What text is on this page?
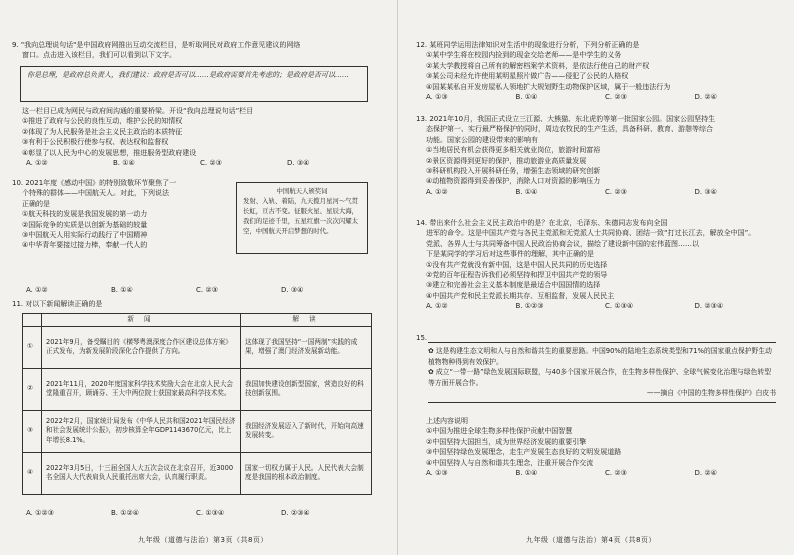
9. "我向总理说句话"是中国政府网推出互动交流栏目，是听取网民对政府工作意见建议的网络

窗口。点击进入该栏目，我们可以看到以下文字。

你是总理，是政府总负责人，我们建议：政府是否可以……是政府需要首先考虑的；是政府是否可以……

这一栏目已成为网民与政府间沟通的重要桥梁。开设“我向总理说句话”栏目

①推进了政府与公民的良性互动，维护公民的知情权

②体现了为人民服务是社会主义民主政治的本质特征

③有利于公民积极行使参与权、表达权和监督权

④彰显了以人民为中心的发展思想，推进服务型政府建设

A. ①②	B. ①④	C. ②③	D. ③④

10. 2021年度《感动中国》的特别致敬环节聚焦了一

个特殊的群体——中国航天人。对此，下列说法

正确的是

①航天科技的发展是我国发展的第一动力

②国际竞争的实质是以创新为基础的较量

③中国航天人用实际行动践行了中国精神

④中华青年要接过接力棒，奉献一代人的

中国航天人颁奖词
发射、入轨、着陆，九天揽月星河～气贯长虹，亘古不变。征服火星、星辰大海，我们的足迹千里，五星红旗一次次闪耀太空，中国航天开启梦想的时代。
A. ①②	B. ①④	C. ②③	D. ③④

11. 对以下新闻解读正确的是

	新 闻	解 读
①	2021年9月，备受瞩目的《横琴粤澳深度合作区建设总体方案》正式发布，为新发展阶段深化合作提供了方向。	这体现了我国坚持“一国两制”实践的成果，增强了澳门经济发展新动能。
②	2021年11月，2020年度国家科学技术奖励大会在北京人民大会堂隆重召开，顾诵芬、王大中两位院士获国家最高科学技术奖。	我国加快建设创新型国家，营造良好的科技创新氛围。
③	2022年2月，国家统计局发布《中华人民共和国2021年国民经济和社会发展统计公报》，初步核算全年GDP1143670亿元，比上年增长8.1%。	我国经济发展迈入了新时代，开始向高速发展转变。
④	2022年3月5日，十三届全国人大五次会议在北京召开，近3000名全国人大代表肩负人民重托出席大会，认真履行职责。	国家一切权力属于人民。人民代表大会制度是我国的根本政治制度。
A. ①②③	B. ①②④	C. ①③④	D. ②③④
九年级（道德与法治）第3页（共8页）

12. 某班同学运用法律知识对生活中的现象进行分析，下列分析正确的是

①某中学生将在校园内捡到的现金交给老师——是中学生的义务

②某大学教授将自己所有的解密档案学术资料，是依法行使自己的财产权

③某公司未经允许使用某明星照片做广告——侵犯了公民的人格权

④国某某私自开发房屋私人领地扩大规划野生动物保护区域，属于一般违法行为

A. ①③	B. ①④	C. ②③	D. ②④

13. 2021年10月，我国正式设立三江源、大熊猫、东北虎豹等第一批国家公园。国家公园坚持生

态保护第一、实行最严格保护的同时，周边农牧民的生产生活，具备科研、教育、游憩等综合

功能。国家公园的建设带来的影响有

①当地居民有机会获得更多相关就业岗位，旅游时间富裕

②景区资源得到更好的保护，推动旅游业高质量发展

③科研机构投入开展科研任务，增强生态领域的研究创新

④动植物资源得到妥善保护，消除人口对资源的影响压力

A. ①②	B. ①④	C. ②③	D. ③④

14. 带出来什么社会主义民主政治中的是？在北京，毛泽东、朱德同志发布向全国

进军的命令。这是中国共产党与各民主党派和无党派人士共同协商、团结一致“打过长江去，解放全中国”。

党派、各界人士与共同筹备中国人民政治协商会议，描绘了建设新中国的宏伟蓝图……以

下是某同学的学习后对这些事件的理解，其中正确的是

①没有共产党就没有新中国，这是中国人民共同的历史选择

②党的百年征程告诉我们必须坚持和捍卫中国共产党的领导

③建立和完善社会主义基本制度是最适合中国国情的选择

④中国共产党和民主党派长期共存、互相监督，发展人民民主

A. ①②	B. ①②③	C. ①③④	D. ②③④
15.

✿ 这是构建生态文明和人与自然和谐共生的重要思路。中国90%的陆地生态系统类型和71%的国家重点保护野生动植物物种得到有效保护。

✿ 成立“一带一路”绿色发展国际联盟，与40多个国家开展合作，在生物多样性保护、全球气候变化治理与绿色转型等方面开展合作。

——摘自《中国的生物多样性保护》白皮书

上述内容说明

①中国为推进全球生物多样性保护贡献中国智慧

②中国坚持大国担当，成为世界经济发展的重要引擎

③中国坚持绿色发展理念，走生产发展生态良好的文明发展道路

④中国坚持人与自然和谐共生理念，注重开展合作交流

A. ①③	B. ①④	C. ②③	D. ②④
九年级（道德与法治）第4页（共8页）
